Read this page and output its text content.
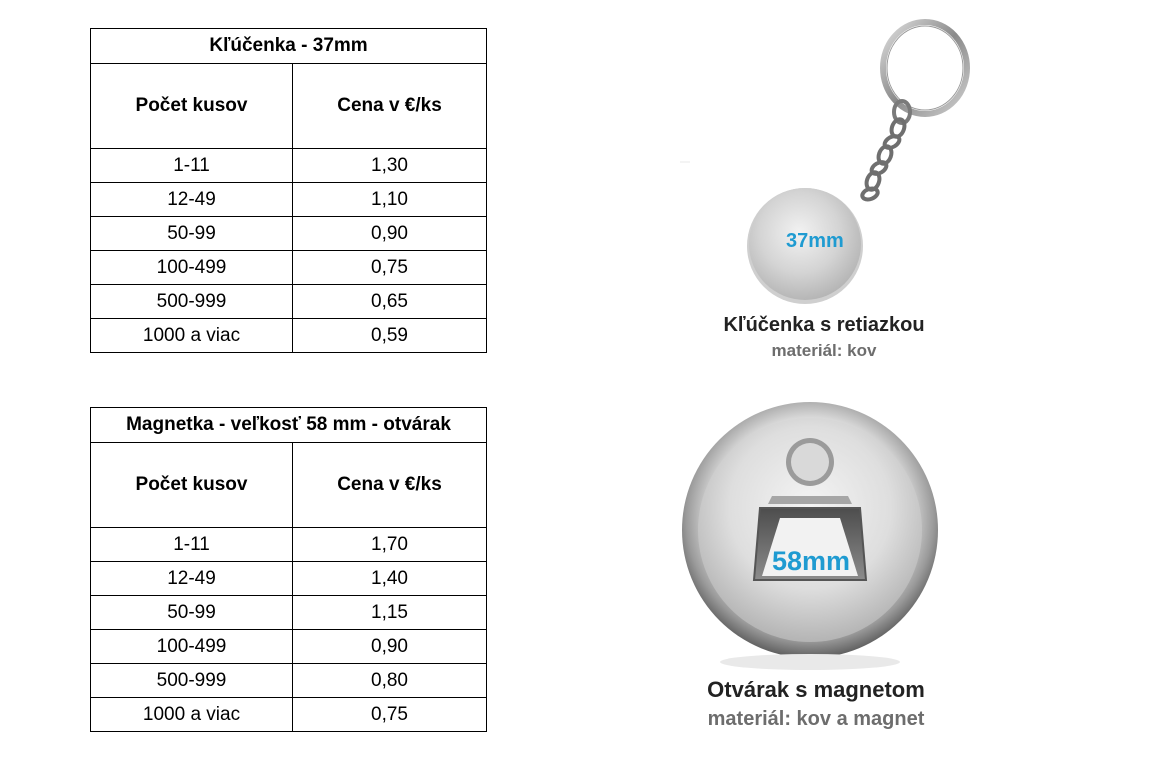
Kľúčenka - 37mm	
Počet kusov	Cena v €/ks
1-11	1,30
12-49	1,10
50-99	0,90
100-499	0,75
500-999	0,65
1000 a viac	0,59
Magnetka - veľkosť 58 mm - otvárak	
Počet kusov	Cena v €/ks
1-11	1,70
12-49	1,40
50-99	1,15
100-499	0,90
500-999	0,80
1000 a viac	0,75
37mm
Kľúčenka s retiazkou
materiál: kov
58mm
Otvárak s magnetom
materiál: kov a magnet
